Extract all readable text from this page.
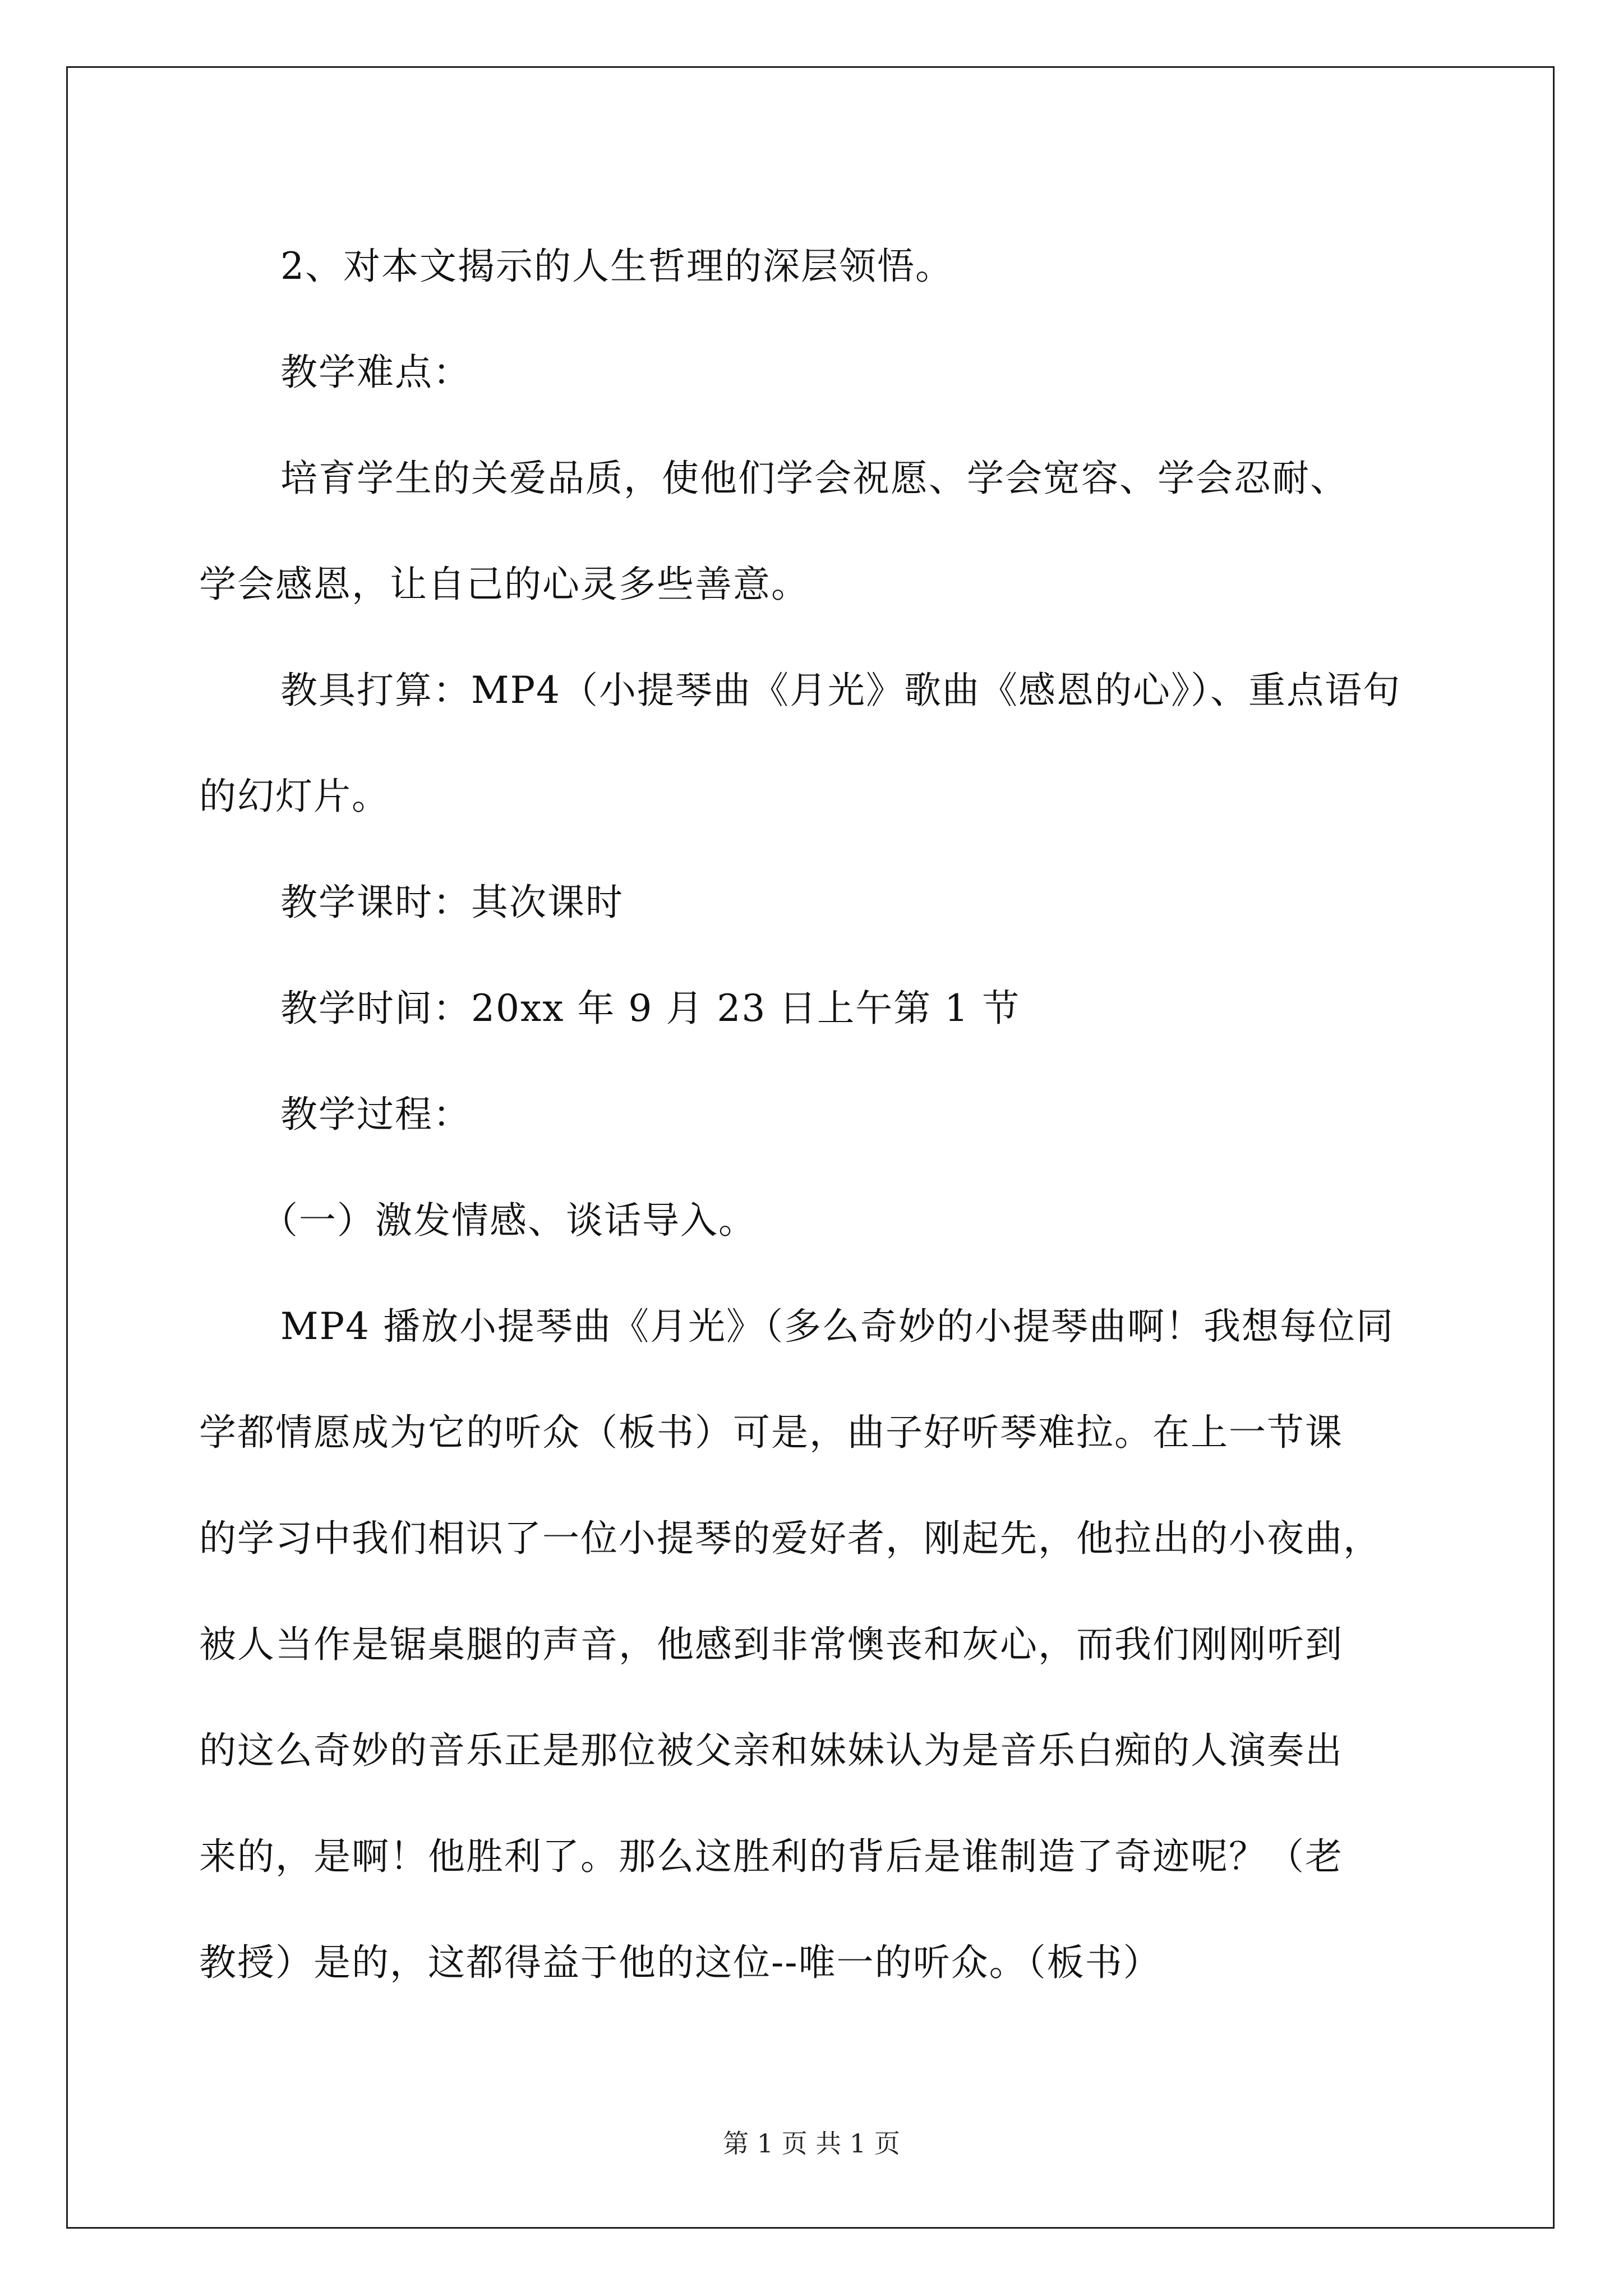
2、对本文揭示的人生哲理的深层领悟。
教学难点：
培育学生的关爱品质，使他们学会祝愿、学会宽容、学会忍耐、
学会感恩，让自己的心灵多些善意。
教具打算：MP4（小提琴曲《月光》歌曲《感恩的心》）、重点语句
的幻灯片。
教学课时：其次课时
教学时间：20xx 年 9 月 23 日上午第 1 节
教学过程：
（一）激发情感、谈话导入。
MP4 播放小提琴曲《月光》（多么奇妙的小提琴曲啊！我想每位同
学都情愿成为它的听众（板书）可是，曲子好听琴难拉。在上一节课
的学习中我们相识了一位小提琴的爱好者，刚起先，他拉出的小夜曲，
被人当作是锯桌腿的声音，他感到非常懊丧和灰心，而我们刚刚听到
的这么奇妙的音乐正是那位被父亲和妹妹认为是音乐白痴的人演奏出
来的，是啊！他胜利了。那么这胜利的背后是谁制造了奇迹呢？（老
教授）是的，这都得益于他的这位--唯一的听众。（板书）
第 1 页 共 1 页
